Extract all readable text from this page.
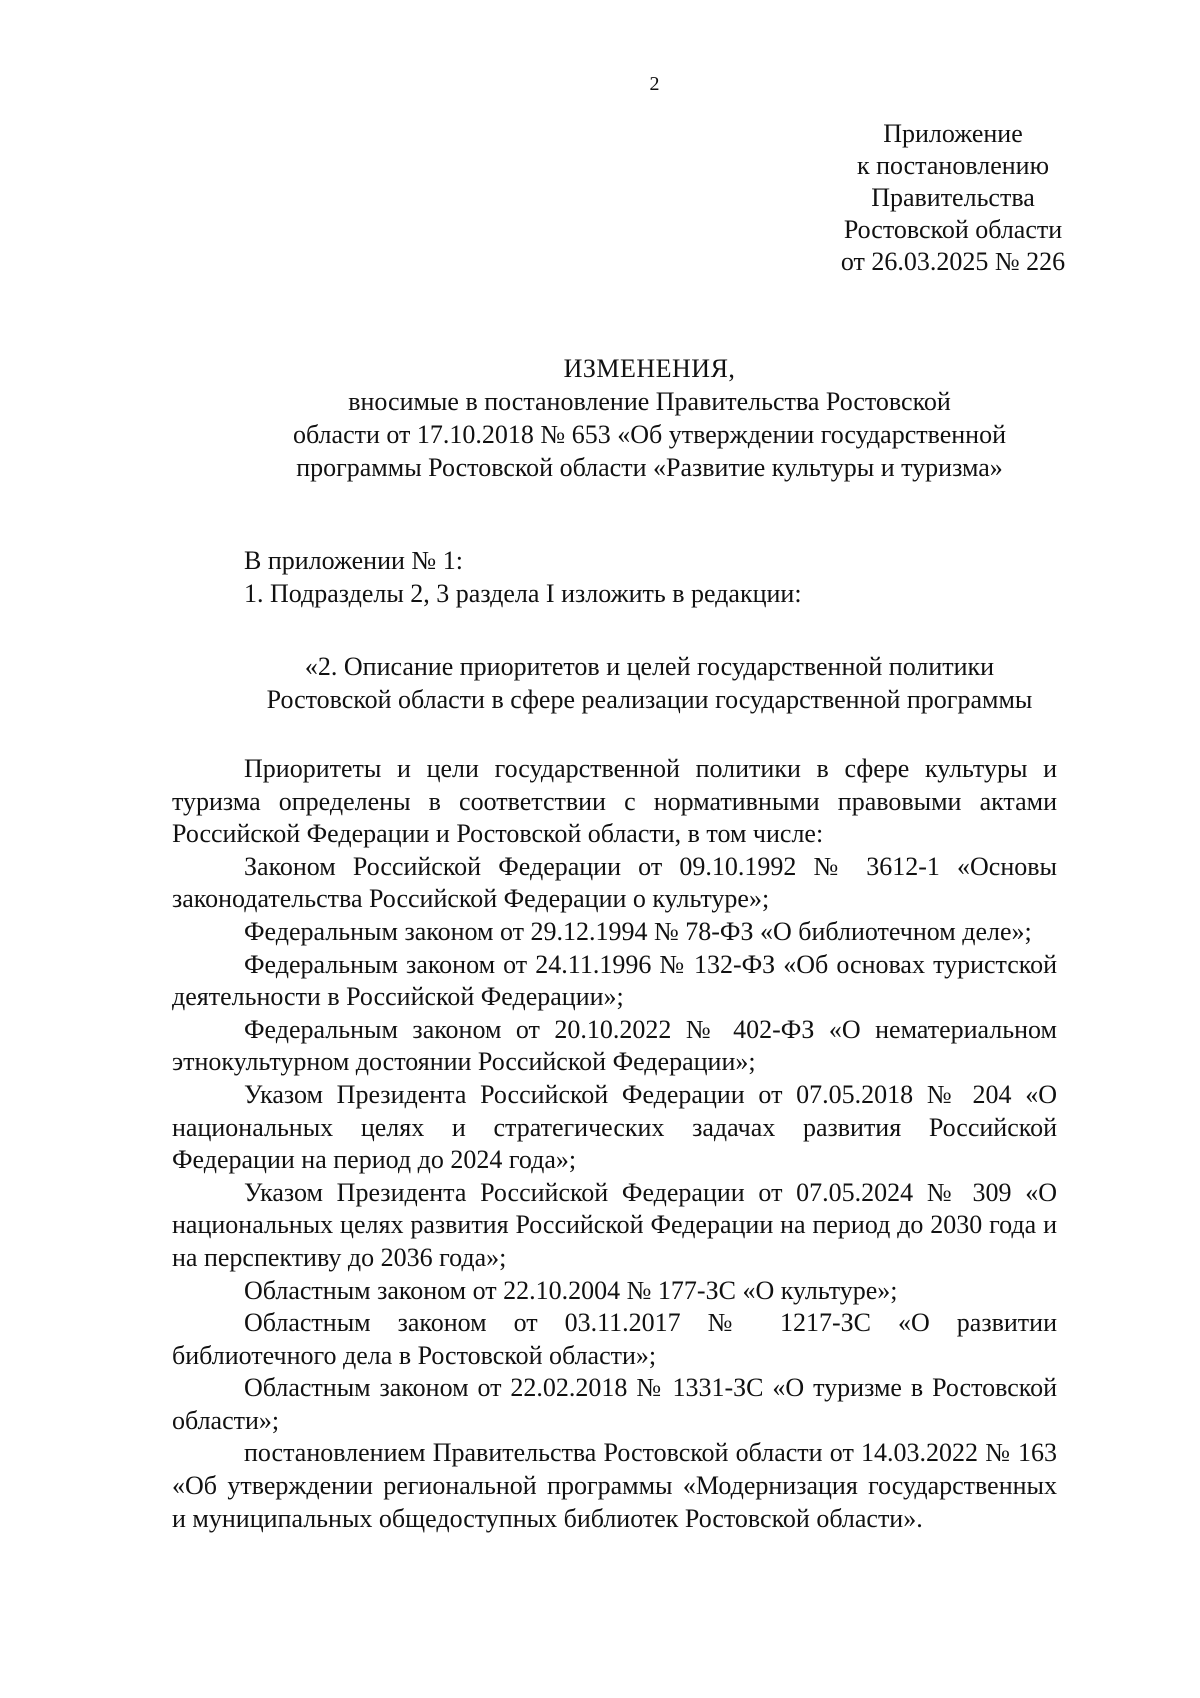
2
Приложение
к постановлению
Правительства
Ростовской области
от 26.03.2025 № 226
ИЗМЕНЕНИЯ,
вносимые в постановление Правительства Ростовской
области от 17.10.2018 № 653 «Об утверждении государственной
программы Ростовской области «Развитие культуры и туризма»
В приложении № 1:
1. Подразделы 2, 3 раздела I изложить в редакции:
«2. Описание приоритетов и целей государственной политики
Ростовской области в сфере реализации государственной программы

Приоритеты и цели государственной политики в сфере культуры и туризма определены в соответствии с нормативными правовыми актами Российской Федерации и Ростовской области, в том числе:

Законом Российской Федерации от 09.10.1992 № 3612-1 «Основы законодательства Российской Федерации о культуре»;

Федеральным законом от 29.12.1994 № 78-ФЗ «О библиотечном деле»;

Федеральным законом от 24.11.1996 № 132-ФЗ «Об основах туристской деятельности в Российской Федерации»;

Федеральным законом от 20.10.2022 № 402-ФЗ «О нематериальном этнокультурном достоянии Российской Федерации»;

Указом Президента Российской Федерации от 07.05.2018 № 204 «О национальных целях и стратегических задачах развития Российской Федерации на период до 2024 года»;

Указом Президента Российской Федерации от 07.05.2024 № 309 «О национальных целях развития Российской Федерации на период до 2030 года и на перспективу до 2036 года»;

Областным законом от 22.10.2004 № 177-ЗС «О культуре»;

Областным законом от 03.11.2017 № 1217-ЗС «О развитии библиотечного дела в Ростовской области»;

Областным законом от 22.02.2018 № 1331-ЗС «О туризме в Ростовской области»;

постановлением Правительства Ростовской области от 14.03.2022 № 163 «Об утверждении региональной программы «Модернизация государственных и муниципальных общедоступных библиотек Ростовской области».
